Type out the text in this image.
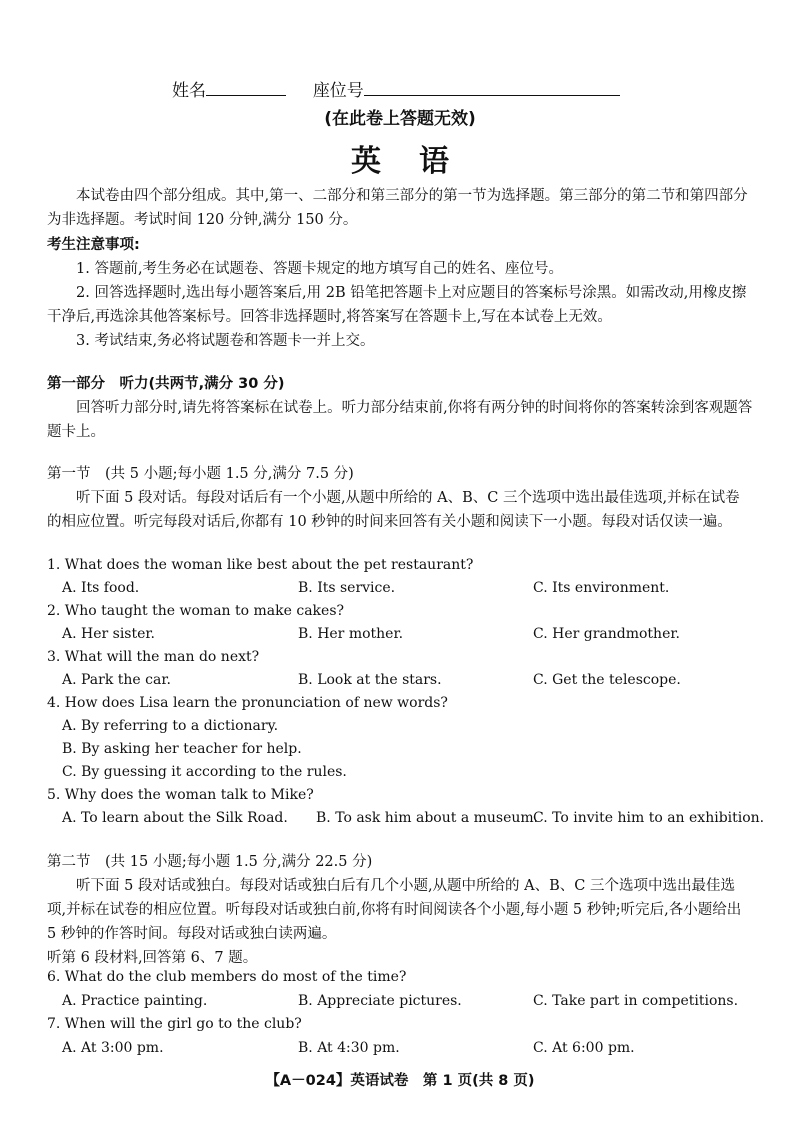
姓名	座位号
(在此卷上答题无效)
英语
本试卷由四个部分组成。其中,第一、二部分和第三部分的第一节为选择题。第三部分的第二节和第四部分为非选择题。考试时间 120 分钟,满分 150 分。
考生注意事项:
1. 答题前,考生务必在试题卷、答题卡规定的地方填写自己的姓名、座位号。
2. 回答选择题时,选出每小题答案后,用 2B 铅笔把答题卡上对应题目的答案标号涂黑。如需改动,用橡皮擦干净后,再选涂其他答案标号。回答非选择题时,将答案写在答题卡上,写在本试卷上无效。
3. 考试结束,务必将试题卷和答题卡一并上交。
第一部分　听力(共两节,满分 30 分)
回答听力部分时,请先将答案标在试卷上。听力部分结束前,你将有两分钟的时间将你的答案转涂到客观题答题卡上。
第一节　(共 5 小题;每小题 1.5 分,满分 7.5 分)
听下面 5 段对话。每段对话后有一个小题,从题中所给的 A、B、C 三个选项中选出最佳选项,并标在试卷的相应位置。听完每段对话后,你都有 10 秒钟的时间来回答有关小题和阅读下一小题。每段对话仅读一遍。
1. What does the woman like best about the pet restaurant?
A. Its food.	B. Its service.	C. Its environment.
2. Who taught the woman to make cakes?
A. Her sister.	B. Her mother.	C. Her grandmother.
3. What will the man do next?
A. Park the car.	B. Look at the stars.	C. Get the telescope.
4. How does Lisa learn the pronunciation of new words?
A. By referring to a dictionary.
B. By asking her teacher for help.
C. By guessing it according to the rules.
5. Why does the woman talk to Mike?
A. To learn about the Silk Road. B. To ask him about a museum.
C. To invite him to an exhibition.
第二节　(共 15 小题;每小题 1.5 分,满分 22.5 分)
听下面 5 段对话或独白。每段对话或独白后有几个小题,从题中所给的 A、B、C 三个选项中选出最佳选项,并标在试卷的相应位置。听每段对话或独白前,你将有时间阅读各个小题,每小题 5 秒钟;听完后,各小题给出 5 秒钟的作答时间。每段对话或独白读两遍。
听第 6 段材料,回答第 6、7 题。
6. What do the club members do most of the time?
A. Practice painting.	B. Appreciate pictures.	C. Take part in competitions.
7. When will the girl go to the club?
A. At 3:00 pm.	B. At 4:30 pm.	C. At 6:00 pm.
【A－024】英语试卷　第 1 页(共 8 页)
